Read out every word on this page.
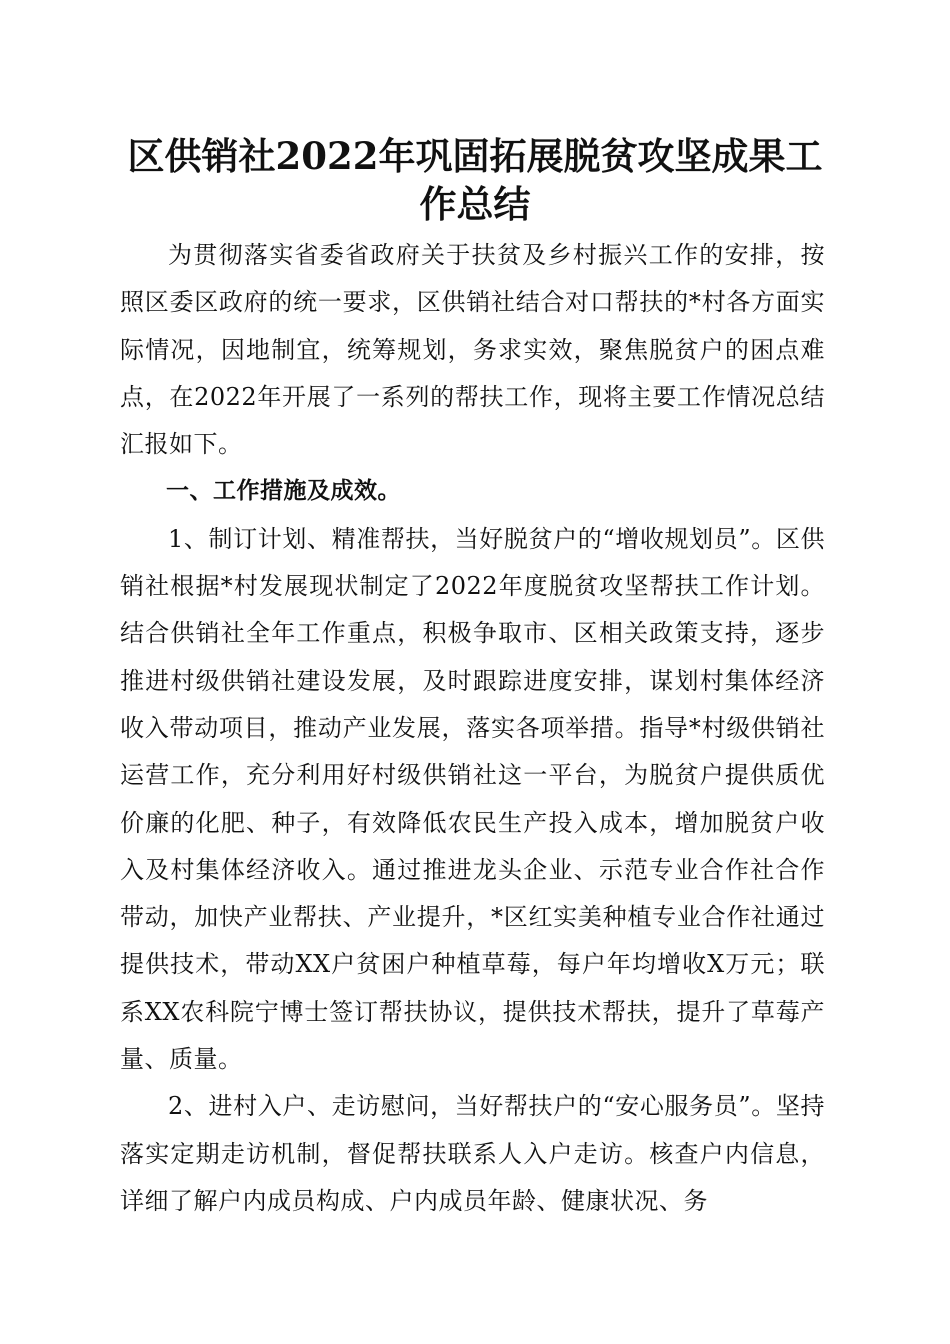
区供销社2022年巩固拓展脱贫攻坚成果工作总结

为贯彻落实省委省政府关于扶贫及乡村振兴工作的安排，按照区委区政府的统一要求，区供销社结合对口帮扶的*村各方面实际情况，因地制宜，统筹规划，务求实效，聚焦脱贫户的困点难点，在2022年开展了一系列的帮扶工作，现将主要工作情况总结汇报如下。

一、工作措施及成效。

1、制订计划、精准帮扶，当好脱贫户的“增收规划员”。区供销社根据*村发展现状制定了2022年度脱贫攻坚帮扶工作计划。结合供销社全年工作重点，积极争取市、区相关政策支持，逐步推进村级供销社建设发展，及时跟踪进度安排，谋划村集体经济收入带动项目，推动产业发展，落实各项举措。指导*村级供销社运营工作，充分利用好村级供销社这一平台，为脱贫户提供质优价廉的化肥、种子，有效降低农民生产投入成本，增加脱贫户收入及村集体经济收入。通过推进龙头企业、示范专业合作社合作带动，加快产业帮扶、产业提升，*区红实美种植专业合作社通过提供技术，带动XX户贫困户种植草莓，每户年均增收X万元；联系XX农科院宁博士签订帮扶协议，提供技术帮扶，提升了草莓产量、质量。

2、进村入户、走访慰问，当好帮扶户的“安心服务员”。坚持落实定期走访机制，督促帮扶联系人入户走访。核查户内信息，详细了解户内成员构成、户内成员年龄、健康状况、务
